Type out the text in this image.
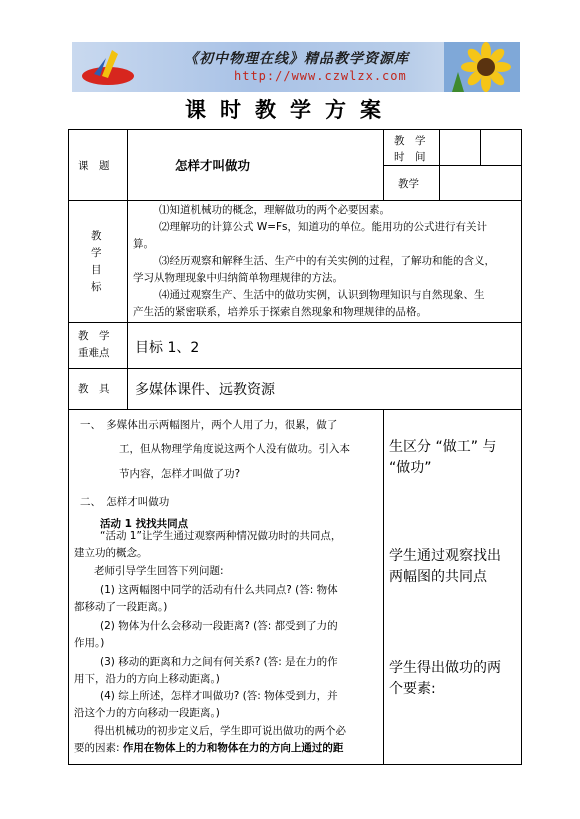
《初中物理在线》精品教学资源库
http://www.czwlzx.com
课时教学方案
课　题	怎样才叫做功
教　学
时　间
教学
教
学
目
标
⑴知道机械功的概念，理解做功的两个必要因素。
⑵理解功的计算公式 W=Fs，知道功的单位。能用功的公式进行有关计
算。
⑶经历观察和解释生活、生产中的有关实例的过程，了解功和能的含义，
学习从物理现象中归纳简单物理规律的方法。
⑷通过观察生产、生活中的做功实例，认识到物理知识与自然现象、生
产生活的紧密联系，培养乐于探索自然现象和物理规律的品格。
教　学
重难点 目标 1、2
教　具 多媒体课件、远教资源
一、　多媒体出示两幅图片，两个人用了力，很累，做了
工，但从物理学角度说这两个人没有做功。引入本
节内容，怎样才叫做了功?
二、　怎样才叫做功
活动 1 找找共同点
“活动 1”让学生通过观察两种情况做功时的共同点，
建立功的概念。
老师引导学生回答下列问题:
(1) 这两幅图中同学的活动有什么共同点? (答: 物体
都移动了一段距离。)
(2) 物体为什么会移动一段距离? (答: 都受到了力的
作用。)
(3) 移动的距离和力之间有何关系? (答: 是在力的作
用下，沿力的方向上移动距离。)
(4) 综上所述，怎样才叫做功? (答: 物体受到力，并
沿这个力的方向移动一段距离。)
得出机械功的初步定义后，学生即可说出做功的两个必
要的因素: 作用在物体上的力和物体在力的方向上通过的距
生区分 “做工” 与
“做功”
学生通过观察找出
两幅图的共同点
学生得出做功的两
个要素:
